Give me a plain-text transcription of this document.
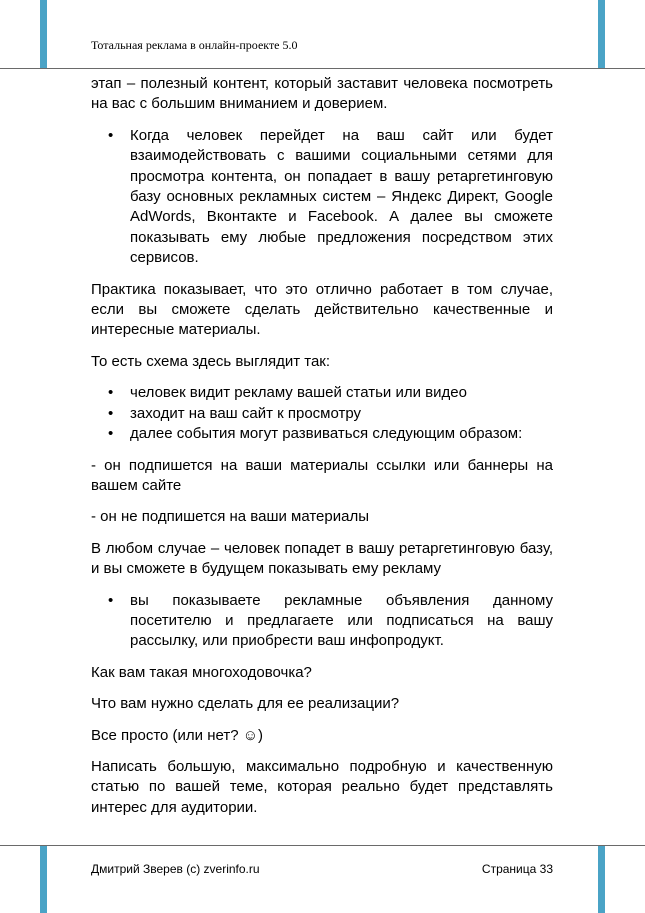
Тотальная реклама в онлайн-проекте 5.0

этап – полезный контент, который заставит человека посмотреть на вас с большим вниманием и доверием.

• Когда человек перейдет на ваш сайт или будет взаимодействовать с вашими социальными сетями для просмотра контента, он попадает в вашу ретаргетинговую базу основных рекламных систем – Яндекс Директ, Google AdWords, Вконтакте и Facebook. А далее вы сможете показывать ему любые предложения посредством этих сервисов.

Практика показывает, что это отлично работает в том случае, если вы сможете сделать действительно качественные и интересные материалы.

То есть схема здесь выглядит так:

• человек видит рекламу вашей статьи или видео
• заходит на ваш сайт к просмотру
• далее события могут развиваться следующим образом:

- он подпишется на ваши материалы ссылки или баннеры на вашем сайте

- он не подпишется на ваши материалы

В любом случае – человек попадет в вашу ретаргетинговую базу, и вы сможете в будущем показывать ему рекламу

• вы показываете рекламные объявления данному посетителю и предлагаете или подписаться на вашу рассылку, или приобрести ваш инфопродукт.

Как вам такая многоходовочка?

Что вам нужно сделать для ее реализации?

Все просто (или нет? ☺)

Написать большую, максимально подробную и качественную статью по вашей теме, которая реально будет представлять интерес для аудитории.

Дмитрий Зверев (c) zverinfo.ru	Страница 33
